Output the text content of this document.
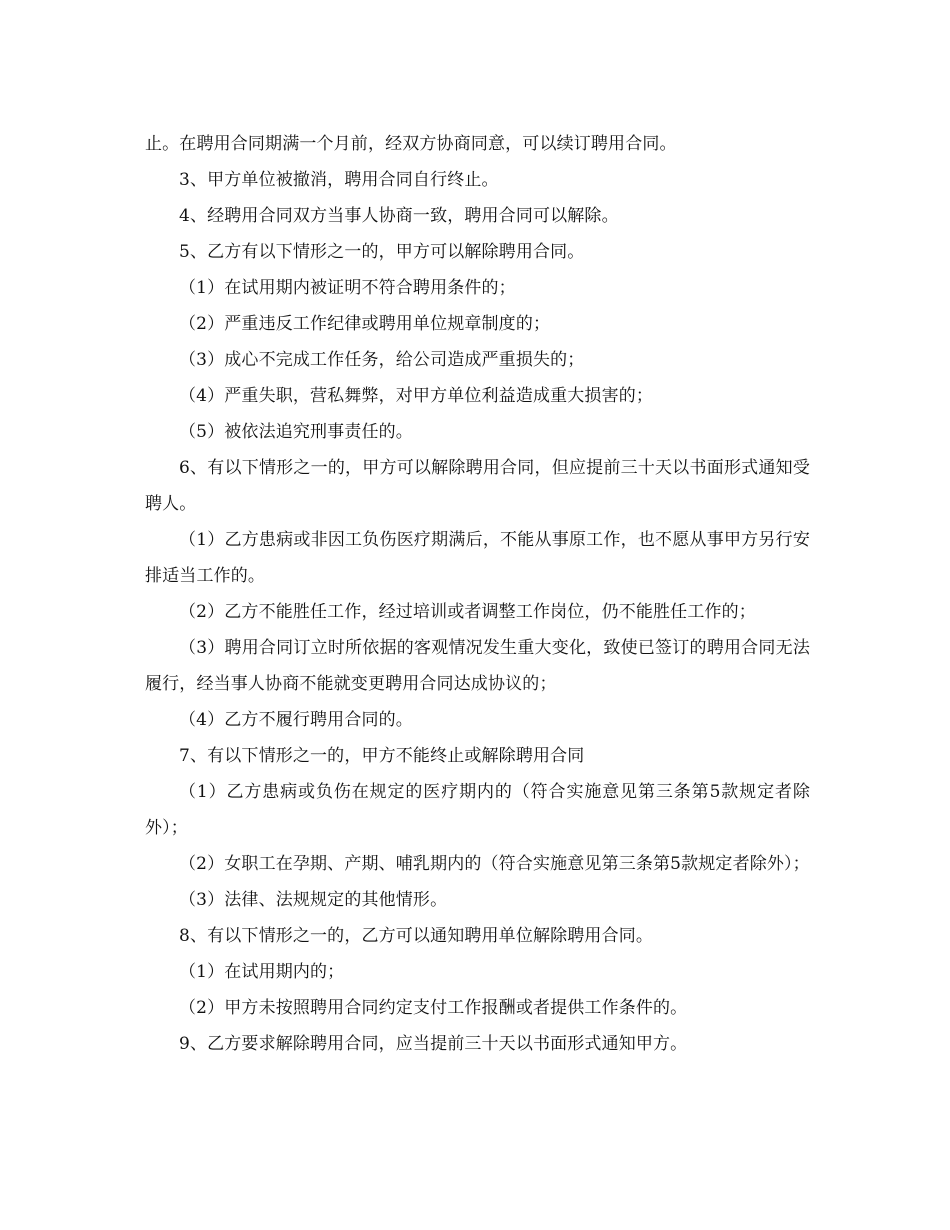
止。在聘用合同期满一个月前，经双方协商同意，可以续订聘用合同。

3、甲方单位被撤消，聘用合同自行终止。

4、经聘用合同双方当事人协商一致，聘用合同可以解除。

5、乙方有以下情形之一的，甲方可以解除聘用合同。

（1）在试用期内被证明不符合聘用条件的；

（2）严重违反工作纪律或聘用单位规章制度的；

（3）成心不完成工作任务，给公司造成严重损失的；

（4）严重失职，营私舞弊，对甲方单位利益造成重大损害的；

（5）被依法追究刑事责任的。

6、有以下情形之一的，甲方可以解除聘用合同，但应提前三十天以书面形式通知受聘人。

（1）乙方患病或非因工负伤医疗期满后，不能从事原工作，也不愿从事甲方另行安排适当工作的。

（2）乙方不能胜任工作，经过培训或者调整工作岗位，仍不能胜任工作的；

（3）聘用合同订立时所依据的客观情况发生重大变化，致使已签订的聘用合同无法履行，经当事人协商不能就变更聘用合同达成协议的；

（4）乙方不履行聘用合同的。

7、有以下情形之一的，甲方不能终止或解除聘用合同

（1）乙方患病或负伤在规定的医疗期内的（符合实施意见第三条第5款规定者除外）；

（2）女职工在孕期、产期、哺乳期内的（符合实施意见第三条第5款规定者除外）；

（3）法律、法规规定的其他情形。

8、有以下情形之一的，乙方可以通知聘用单位解除聘用合同。

（1）在试用期内的；

（2）甲方未按照聘用合同约定支付工作报酬或者提供工作条件的。

9、乙方要求解除聘用合同，应当提前三十天以书面形式通知甲方。
